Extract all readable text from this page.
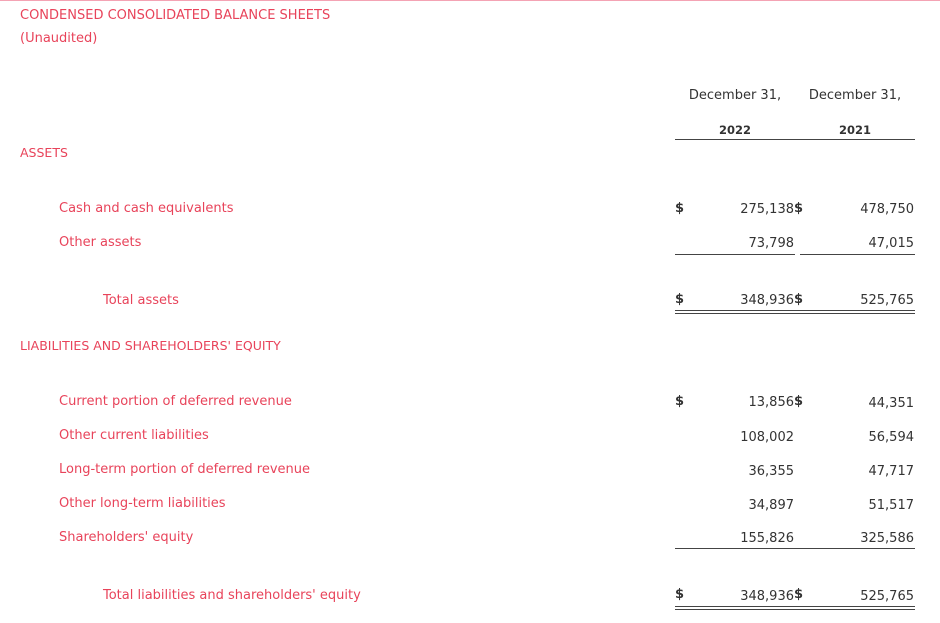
CONDENSED CONSOLIDATED BALANCE SHEETS
(Unaudited)
December 31,	December 31,
2022	2021
ASSETS
Cash and cash equivalents	$	275,138 $	478,750
Other assets	73,798	47,015
Total assets	$	348,936 $	525,765
LIABILITIES AND SHAREHOLDERS' EQUITY
Current portion of deferred revenue	$	13,856 $	44,351
Other current liabilities	108,002	56,594
Long-term portion of deferred revenue	36,355	47,717
Other long-term liabilities	34,897	51,517
Shareholders' equity	155,826	325,586
Total liabilities and shareholders' equity	$	348,936 $	525,765
